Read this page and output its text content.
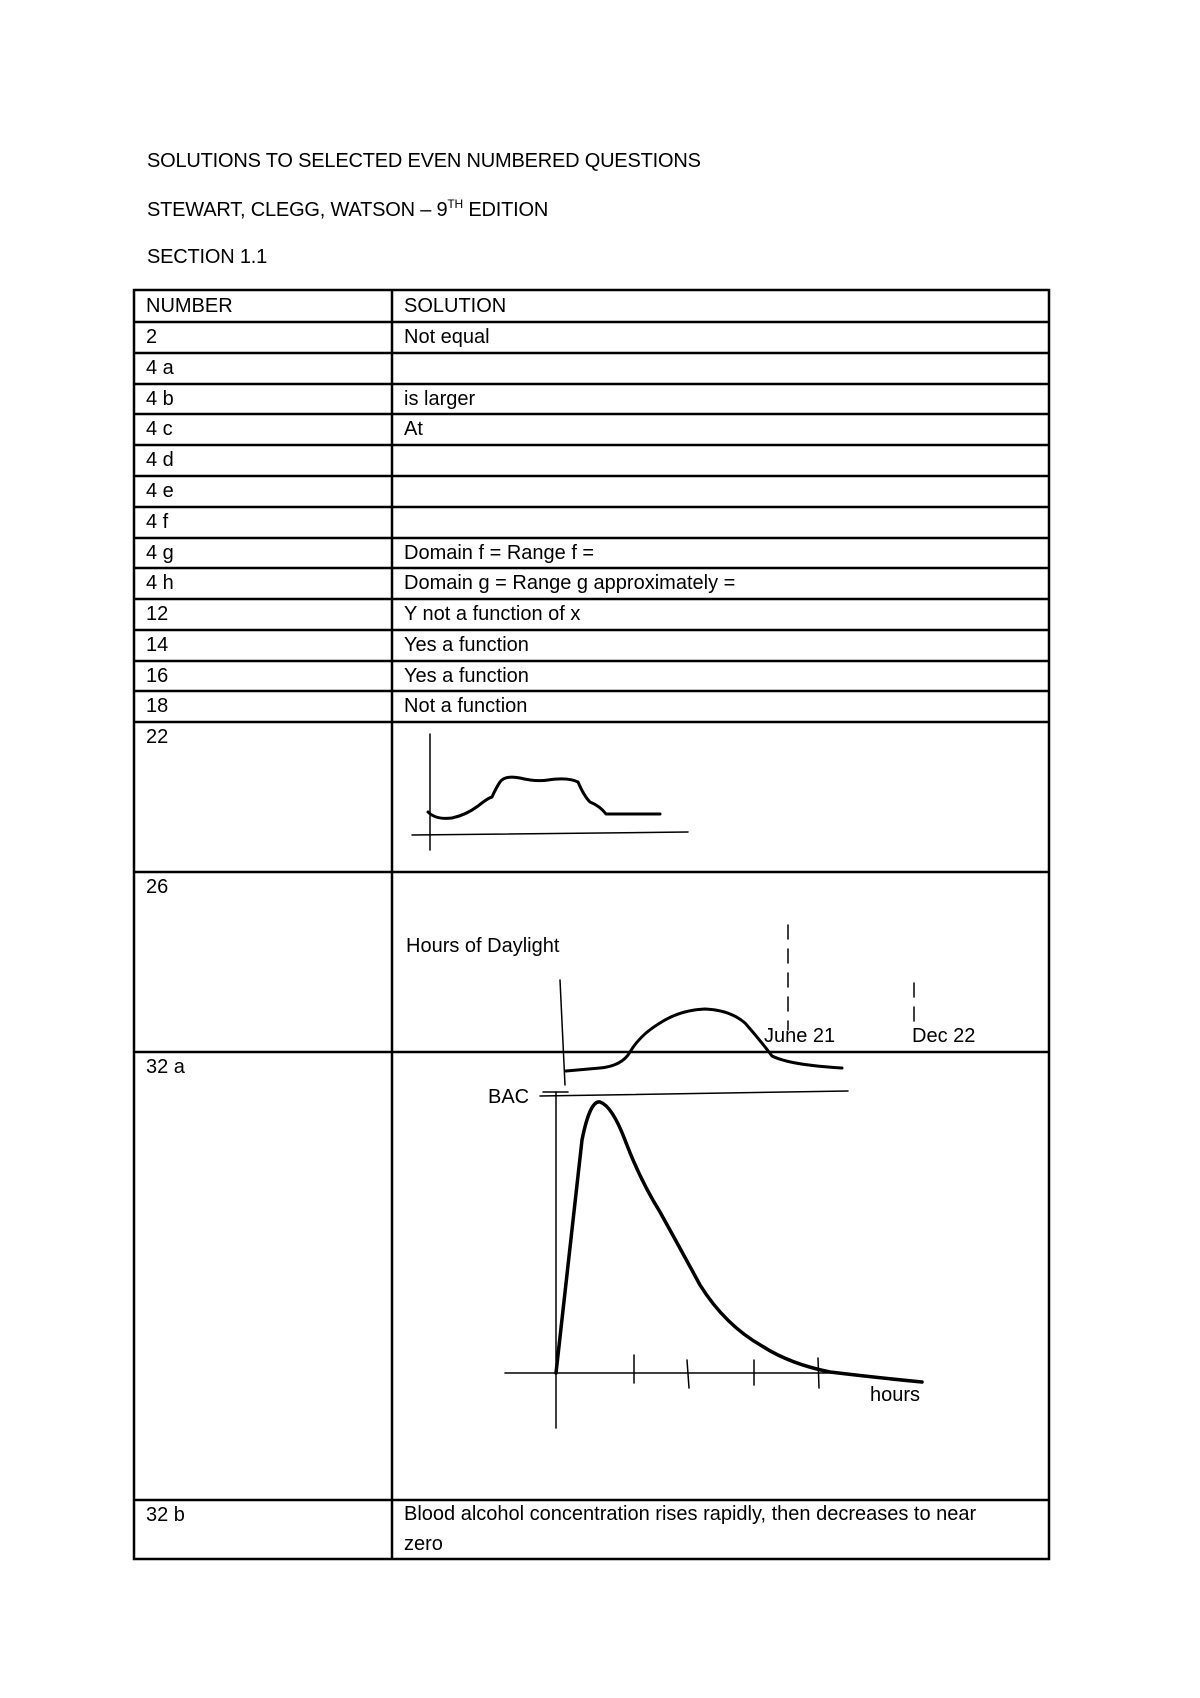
SOLUTIONS TO SELECTED EVEN NUMBERED QUESTIONS
STEWART, CLEGG, WATSON – 9TH EDITION
SECTION 1.1
NUMBER	SOLUTION
2	Not equal
4 a
4 b	is larger
4 c	At
4 d
4 e
4 f
4 g	Domain f = Range f =
4 h	Domain g = Range g approximately =
12	Y not a function of x
14	Yes a function
16	Yes a function
18	Not a function
22
26
32 a
32 b	Blood alcohol concentration rises rapidly, then decreases to near zero
Hours of Daylight
June 21	Dec 22
BAC
hours
